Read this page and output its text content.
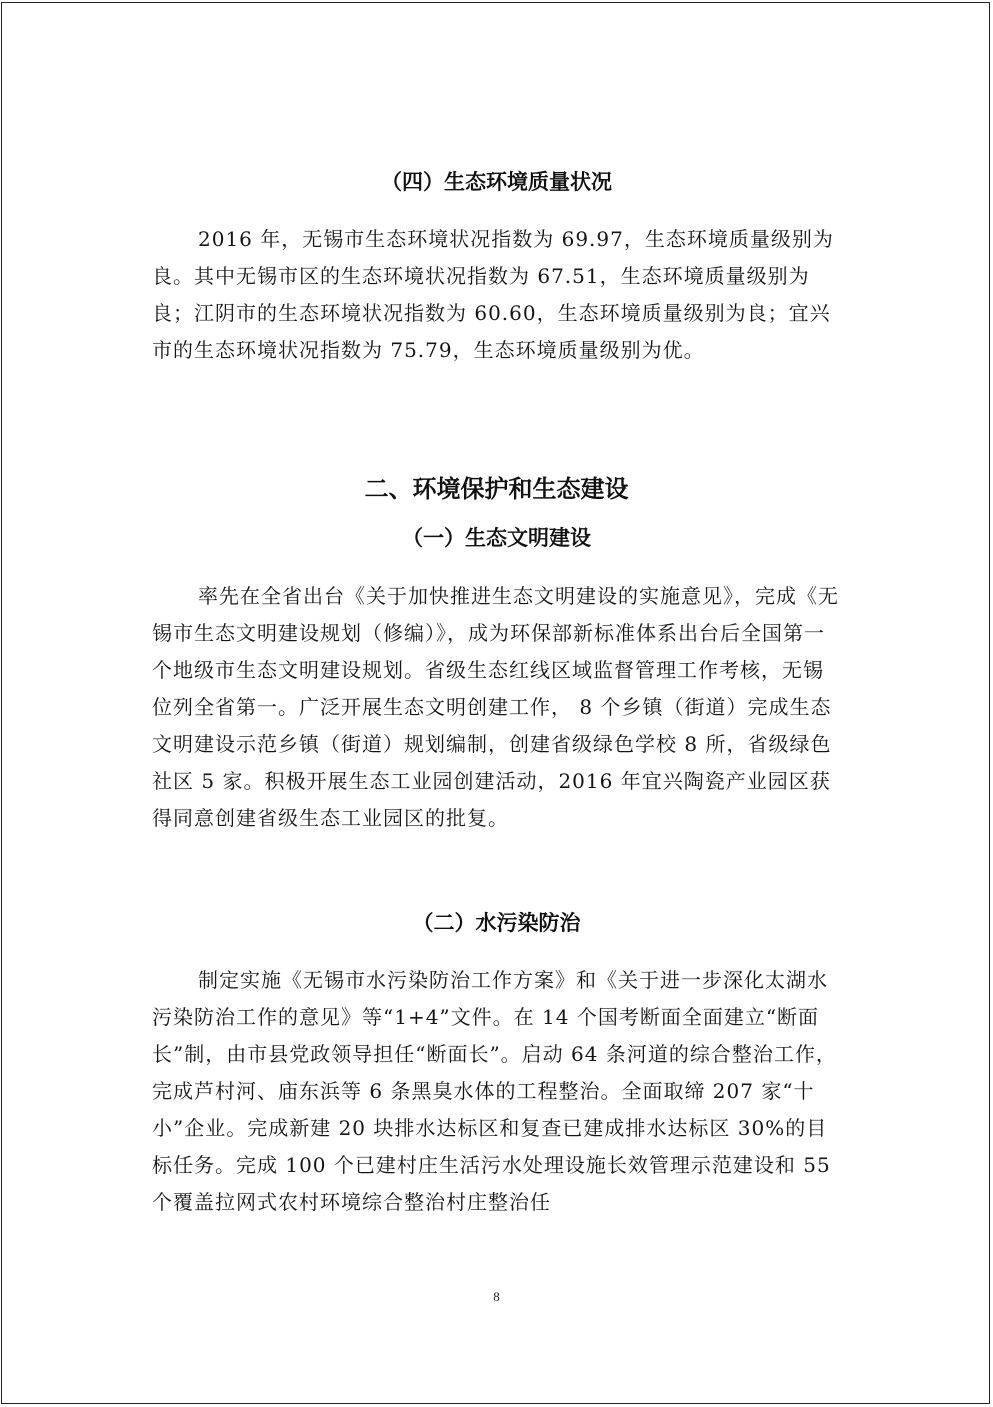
（四）生态环境质量状况

2016 年，无锡市生态环境状况指数为 69.97，生态环境质量级别为良。其中无锡市区的生态环境状况指数为 67.51，生态环境质量级别为良；江阴市的生态环境状况指数为 60.60，生态环境质量级别为良；宜兴市的生态环境状况指数为 75.79，生态环境质量级别为优。

二、环境保护和生态建设
（一）生态文明建设

率先在全省出台《关于加快推进生态文明建设的实施意见》，完成《无锡市生态文明建设规划（修编）》，成为环保部新标准体系出台后全国第一个地级市生态文明建设规划。省级生态红线区域监督管理工作考核，无锡位列全省第一。广泛开展生态文明创建工作， 8 个乡镇（街道）完成生态文明建设示范乡镇（街道）规划编制，创建省级绿色学校 8 所，省级绿色社区 5 家。积极开展生态工业园创建活动，2016 年宜兴陶瓷产业园区获得同意创建省级生态工业园区的批复。

（二）水污染防治

制定实施《无锡市水污染防治工作方案》和《关于进一步深化太湖水污染防治工作的意见》等“1+4”文件。在 14 个国考断面全面建立“断面长”制，由市县党政领导担任“断面长”。启动 64 条河道的综合整治工作，完成芦村河、庙东浜等 6 条黑臭水体的工程整治。全面取缔 207 家“十小”企业。完成新建 20 块排水达标区和复查已建成排水达标区 30%的目标任务。完成 100 个已建村庄生活污水处理设施长效管理示范建设和 55 个覆盖拉网式农村环境综合整治村庄整治任

8
